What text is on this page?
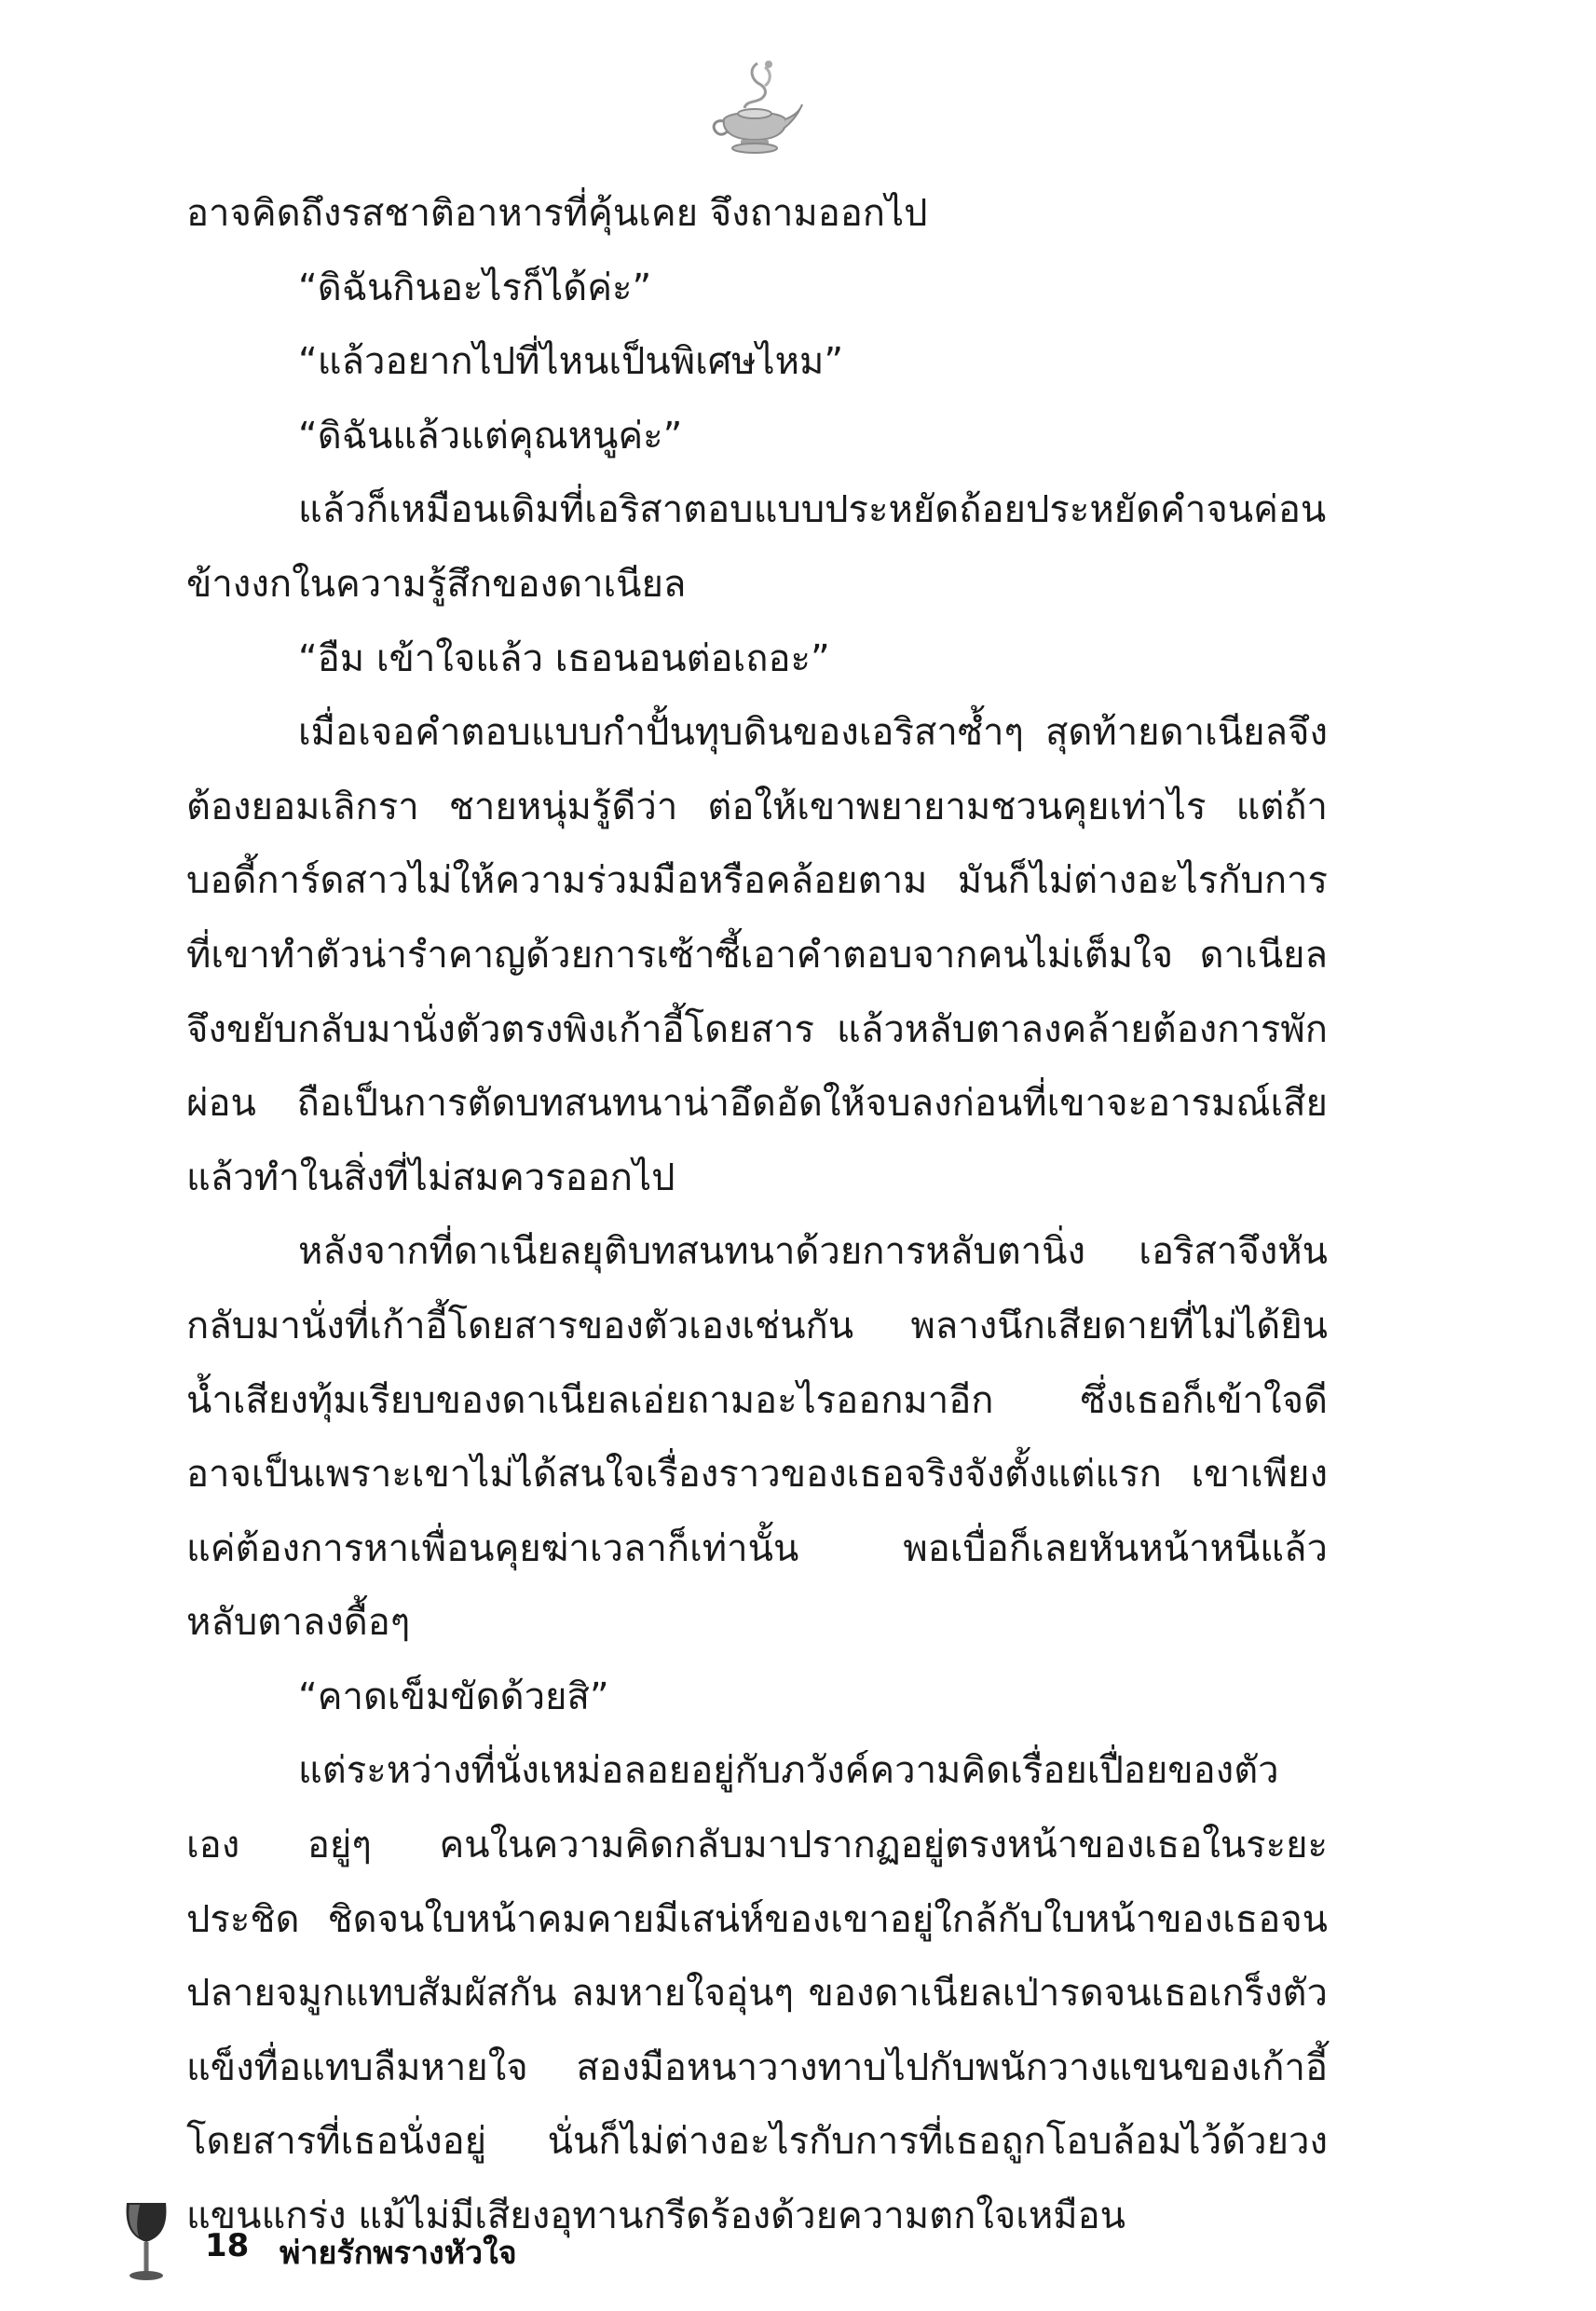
อาจคิดถึงรสชาติอาหารที่คุ้นเคย จึงถามออกไป

“ดิฉันกินอะไรก็ได้ค่ะ”

“แล้วอยากไปที่ไหนเป็นพิเศษไหม”

“ดิฉันแล้วแต่คุณหนูค่ะ”

แล้วก็เหมือนเดิมที่เอริสาตอบแบบประหยัดถ้อยประหยัดคำจนค่อนข้างงกในความรู้สึกของดาเนียล

“อืม เข้าใจแล้ว เธอนอนต่อเถอะ”

เมื่อเจอคำตอบแบบกำปั้นทุบดินของเอริสาซ้ำๆ สุดท้ายดาเนียลจึงต้องยอมเลิกรา ชายหนุ่มรู้ดีว่า ต่อให้เขาพยายามชวนคุยเท่าไร แต่ถ้าบอดี้การ์ดสาวไม่ให้ความร่วมมือหรือคล้อยตาม มันก็ไม่ต่างอะไรกับการที่เขาทำตัวน่ารำคาญด้วยการเซ้าซี้เอาคำตอบจากคนไม่เต็มใจ ดาเนียลจึงขยับกลับมานั่งตัวตรงพิงเก้าอี้โดยสาร แล้วหลับตาลงคล้ายต้องการพักผ่อน ถือเป็นการตัดบทสนทนาน่าอึดอัดให้จบลงก่อนที่เขาจะอารมณ์เสียแล้วทำในสิ่งที่ไม่สมควรออกไป

หลังจากที่ดาเนียลยุติบทสนทนาด้วยการหลับตานิ่ง เอริสาจึงหันกลับมานั่งที่เก้าอี้โดยสารของตัวเองเช่นกัน พลางนึกเสียดายที่ไม่ได้ยินน้ำเสียงทุ้มเรียบของดาเนียลเอ่ยถามอะไรออกมาอีก ซึ่งเธอก็เข้าใจดี อาจเป็นเพราะเขาไม่ได้สนใจเรื่องราวของเธอจริงจังตั้งแต่แรก เขาเพียงแค่ต้องการหาเพื่อนคุยฆ่าเวลาก็เท่านั้น พอเบื่อก็เลยหันหน้าหนีแล้วหลับตาลงดื้อๆ

“คาดเข็มขัดด้วยสิ”

แต่ระหว่างที่นั่งเหม่อลอยอยู่กับภวังค์ความคิดเรื่อยเปื่อยของตัวเอง อยู่ๆ คนในความคิดกลับมาปรากฏอยู่ตรงหน้าของเธอในระยะประชิด ชิดจนใบหน้าคมคายมีเสน่ห์ของเขาอยู่ใกล้กับใบหน้าของเธอจนปลายจมูกแทบสัมผัสกัน ลมหายใจอุ่นๆ ของดาเนียลเป่ารดจนเธอเกร็งตัวแข็งทื่อแทบลืมหายใจ สองมือหนาวางทาบไปกับพนักวางแขนของเก้าอี้โดยสารที่เธอนั่งอยู่ นั่นก็ไม่ต่างอะไรกับการที่เธอถูกโอบล้อมไว้ด้วยวงแขนแกร่ง แม้ไม่มีเสียงอุทานกรีดร้องด้วยความตกใจเหมือน

18 พ่ายรักพรางหัวใจ
